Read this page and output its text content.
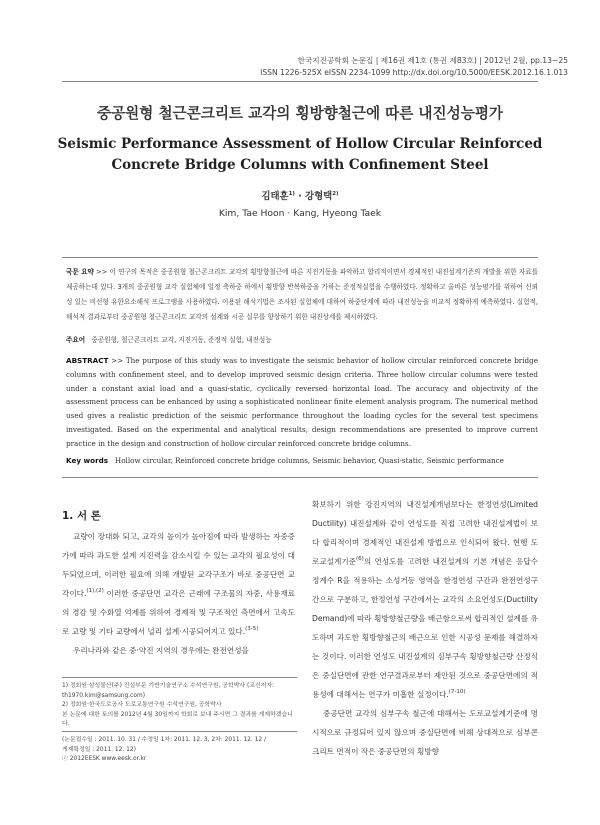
한국지진공학회 논문집 | 제16권 제1호 (통권 제83호) | 2012년 2월, pp.13~25
ISSN 1226-525X eISSN 2234-1099 http://dx.doi.org/10.5000/EESK.2012.16.1.013
중공원형 철근콘크리트 교각의 횡방향철근에 따른 내진성능평가
Seismic Performance Assessment of Hollow Circular Reinforced Concrete Bridge Columns with Confinement Steel
김태훈$^{1)}$ · 강형택$^{2)}$
Kim, Tae Hoon · Kang, Hyeong Taek
국문 요약 >> 이 연구의 목적은 중공원형 철근콘크리트 교각의 횡방향철근에 따른 지진거동을 파악하고 합리적이면서 경제적인 내진설계기준의 개발을 위한 자료를 제공하는데 있다. 3개의 중공원형 교각 실험체에 일정 축하중 하에서 횡방향 반복하중을 가하는 준정적실험을 수행하였다. 정확하고 올바른 성능평가를 위하여 신뢰성 있는 비선형 유한요소해석 프로그램을 사용하였다. 이용된 해석기법은 조사된 실험체에 대하여 하중단계에 따라 내진성능을 비교적 정확하게 예측하였다. 실험적, 해석적 결과로부터 중공원형 철근콘크리트 교각의 설계와 시공 실무를 향상하기 위한 내진상세를 제시하였다.
주요어 중공원형, 철근콘크리트 교각, 지진거동, 준정적 실험, 내진성능
ABSTRACT >> The purpose of this study was to investigate the seismic behavior of hollow circular reinforced concrete bridge columns with confinement steel, and to develop improved seismic design criteria. Three hollow circular columns were tested under a constant axial load and a quasi-static, cyclically reversed horizontal load. The accuracy and objectivity of the assessment process can be enhanced by using a sophisticated nonlinear finite element analysis program. The numerical method used gives a realistic prediction of the seismic performance throughout the loading cycles for the several test specimens investigated. Based on the experimental and analytical results, design recommendations are presented to improve current practice in the design and construction of hollow circular reinforced concrete bridge columns.
Key words Hollow circular, Reinforced concrete bridge columns, Seismic behavior, Quasi-static, Seismic performance
1. 서 론

교량이 장대화 되고, 교각의 높이가 높아짐에 따라 발생하는 자중증가에 따라 과도한 설계 지진력을 감소시킬 수 있는 교각의 필요성이 대두되었으며, 이러한 필요에 의해 개발된 교각구조가 바로 중공단면 교각이다.$^{(1),(2)}$ 이러한 중공단면 교각은 근래에 구조물의 자중, 사용재료의 경감 및 수화열 억제를 위하여 경제적 및 구조적인 측면에서 고속도로 교량 및 기타 교량에서 널리 설계·시공되어지고 있다.$^{(3-5)}$

우리나라와 같은 중·약진 지역의 경우에는 완전연성을

확보하기 위한 강진지역의 내진설계개념보다는 한정연성(Limited Ductility) 내진설계와 같이 연성도를 직접 고려한 내진설계법이 보다 합리적이며 경제적인 내진설계 방법으로 인식되어 왔다. 현행 도로교설계기준$^{(6)}$의 연성도를 고려한 내진설계의 기본 개념은 응답수정계수 R을 적용하는 소성거동 영역을 한정연성 구간과 완전연성구간으로 구분하고, 한정연성 구간에서는 교각의 소요연성도(Ductility Demand)에 따라 횡방향철근량을 배근함으로써 합리적인 설계를 유도하며 과도한 횡방향철근의 배근으로 인한 시공성 문제를 해결하자는 것이다. 이러한 연성도 내진설계의 심부구속 횡방향철근량 산정식은 중실단면에 관한 연구결과로부터 제안된 것으로 중공단면에의 적용성에 대해서는 연구가 미흡한 실정이다.$^{(7-10)}$

중공단면 교각의 심부구속 철근에 대해서는 도로교설계기준에 명시적으로 규정되어 있지 않으며 중실단면에 비해 상대적으로 심부콘크리트 면적이 작은 중공단면의 횡방향

1) 정회원·삼성물산(주) 건설부문 기반기술연구소 수석연구원, 공학박사 (교신저자: th1970.kim@samsung.com)
2) 정회원·한국도로공사 도로교통연구원 수석연구원, 공학박사
본 논문에 대한 토의를 2012년 4월 30일까지 학회로 보내 주시면 그 결과를 게재하겠습니다.
(논문접수일 : 2011. 10. 31 / 수정일 1차: 2011. 12. 3, 2차: 2011. 12. 12 /
게재확정일 : 2011. 12. 12)
ⓒ 2012EESK www.eesk.or.kr
